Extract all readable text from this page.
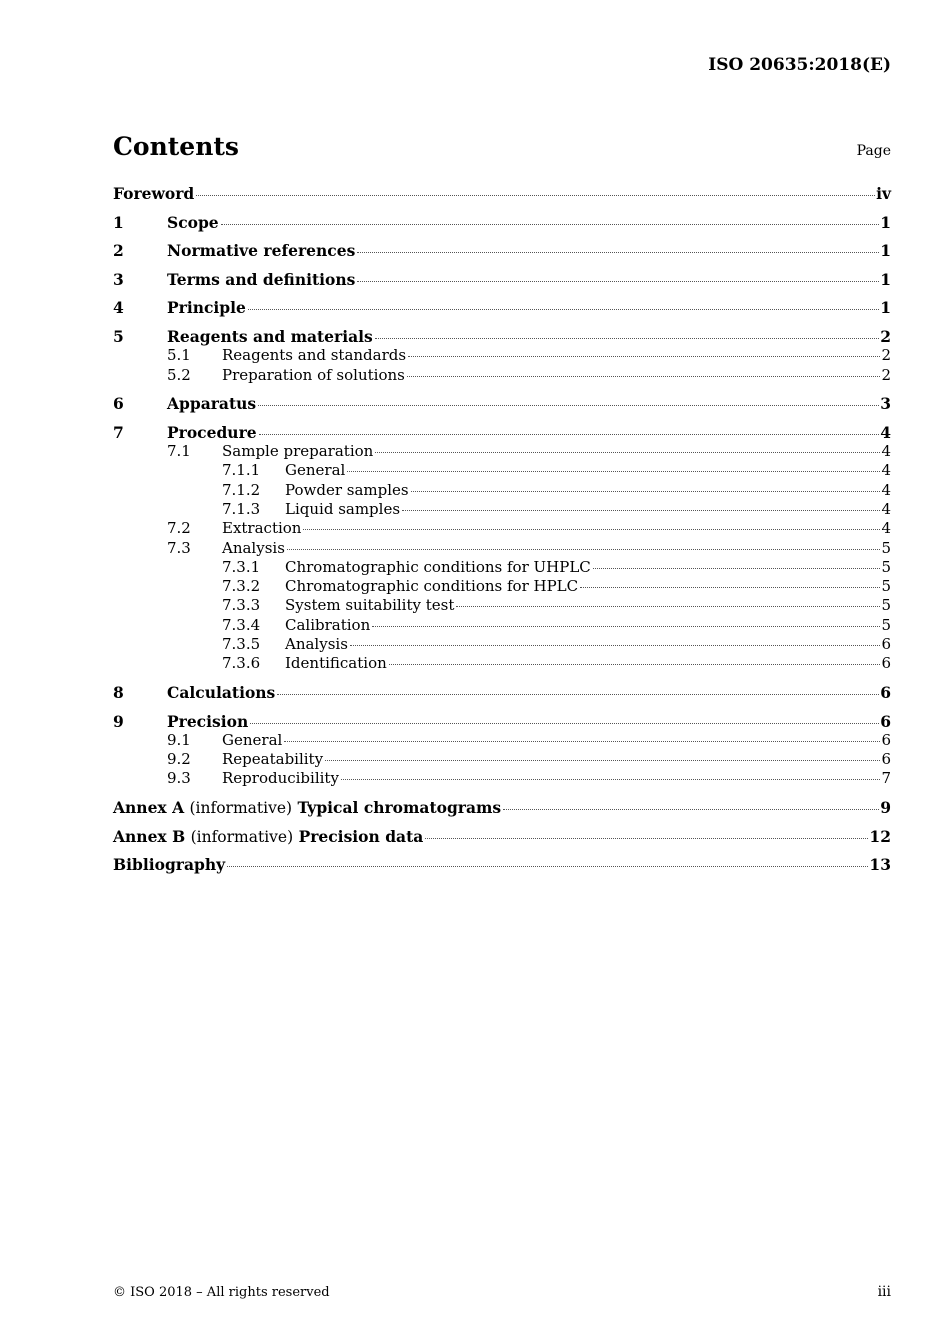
ISO 20635:2018(E)
Contents	Page
Foreword	iv
1	Scope	1
2	Normative references	1
3	Terms and definitions	1
4	Principle	1
5	Reagents and materials	2
5.1	Reagents and standards	2
5.2	Preparation of solutions	2
6	Apparatus	3
7	Procedure	4
7.1	Sample preparation	4
7.1.1	General	4
7.1.2	Powder samples	4
7.1.3	Liquid samples	4
7.2	Extraction	4
7.3	Analysis	5
7.3.1	Chromatographic conditions for UHPLC	5
7.3.2	Chromatographic conditions for HPLC	5
7.3.3	System suitability test	5
7.3.4	Calibration	5
7.3.5	Analysis	6
7.3.6	Identification	6
8	Calculations	6
9	Precision	6
9.1	General	6
9.2	Repeatability	6
9.3	Reproducibility	7
Annex A (informative) Typical chromatograms	9
Annex B (informative) Precision data	12
Bibliography	13
© ISO 2018 – All rights reserved	iii
